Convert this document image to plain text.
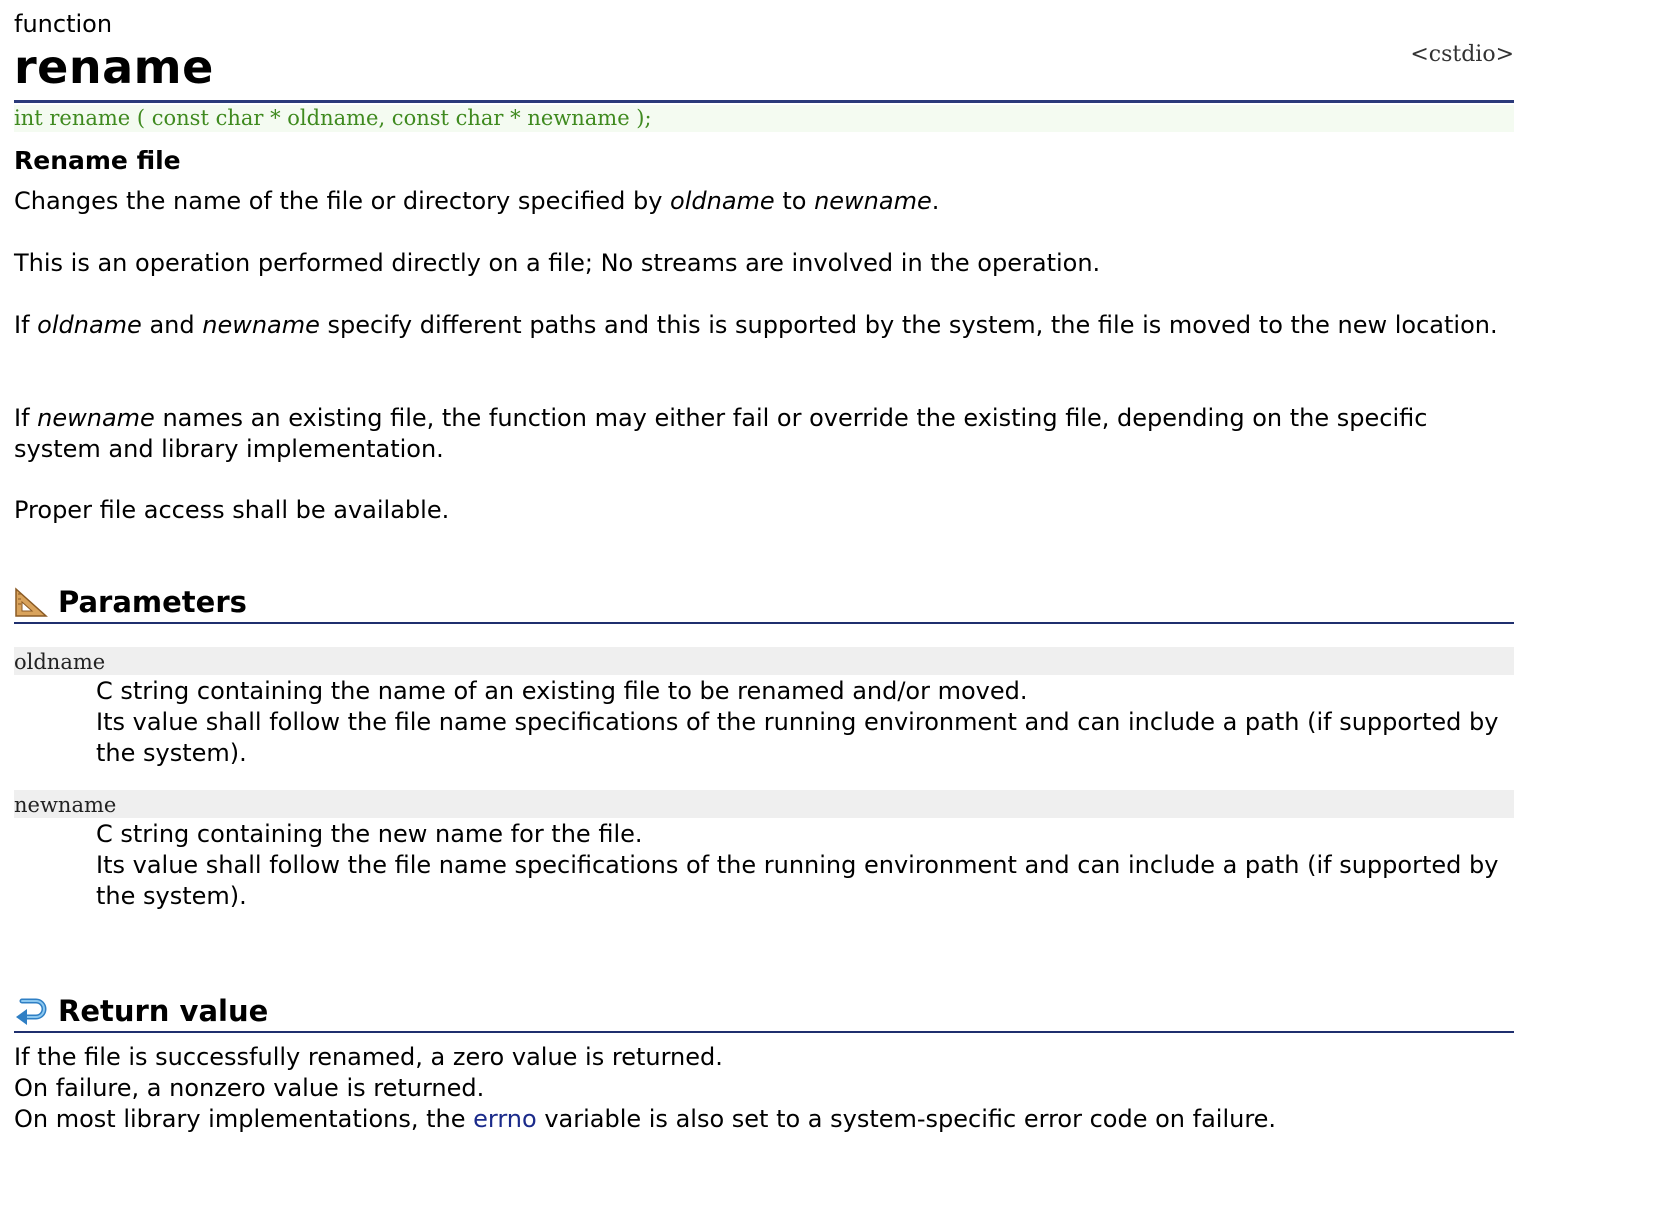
function
rename	<cstdio>
int rename ( const char * oldname, const char * newname );
Rename file
Changes the name of the file or directory specified by oldname to newname.
This is an operation performed directly on a file; No streams are involved in the operation.
If oldname and newname specify different paths and this is supported by the system, the file is moved to the new location.
If newname names an existing file, the function may either fail or override the existing file, depending on the specific system and library implementation.
Proper file access shall be available.
Parameters
oldname
C string containing the name of an existing file to be renamed and/or moved.
Its value shall follow the file name specifications of the running environment and can include a path (if supported by the system).
newname
C string containing the new name for the file.
Its value shall follow the file name specifications of the running environment and can include a path (if supported by the system).
Return value
If the file is successfully renamed, a zero value is returned.
On failure, a nonzero value is returned.
On most library implementations, the errno variable is also set to a system-specific error code on failure.
